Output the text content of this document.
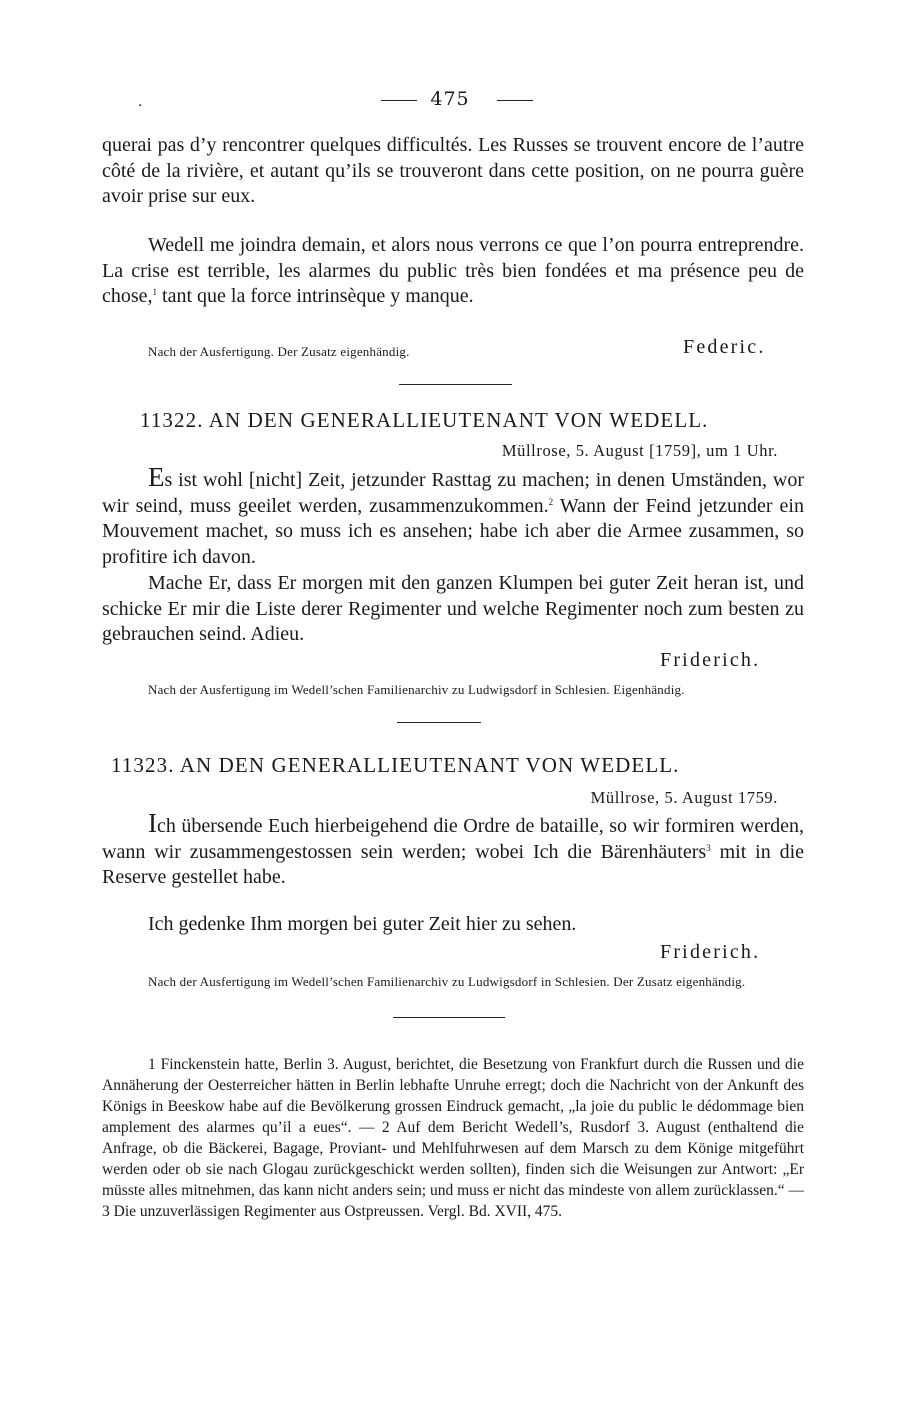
.	475
querai pas d’y rencontrer quelques difficultés. Les Russes se trouvent encore de l’autre côté de la rivière, et autant qu’ils se trouveront dans cette position, on ne pourra guère avoir prise sur eux.
Wedell me joindra demain, et alors nous verrons ce que l’on pourra entreprendre. La crise est terrible, les alarmes du public très bien fondées et ma présence peu de chose,$^1$ tant que la force intrinsèque y manque.
Nach der Ausfertigung. Der Zusatz eigenhändig.	Federic.
11322. AN DEN GENERALLIEUTENANT VON WEDELL.
Müllrose, 5. August [1759], um 1 Uhr.
Es ist wohl [nicht] Zeit, jetzunder Rasttag zu machen; in denen Umständen, wor wir seind, muss geeilet werden, zusammenzukommen.$^2$ Wann der Feind jetzunder ein Mouvement machet, so muss ich es ansehen; habe ich aber die Armee zusammen, so profitire ich davon.
Mache Er, dass Er morgen mit den ganzen Klumpen bei guter Zeit heran ist, und schicke Er mir die Liste derer Regimenter und welche Regimenter noch zum besten zu gebrauchen seind. Adieu.
Friderich.
Nach der Ausfertigung im Wedell’schen Familienarchiv zu Ludwigsdorf in Schlesien. Eigenhändig.
11323. AN DEN GENERALLIEUTENANT VON WEDELL.
Müllrose, 5. August 1759.
Ich übersende Euch hierbeigehend die Ordre de bataille, so wir formiren werden, wann wir zusammengestossen sein werden; wobei Ich die Bärenhäuters$^3$ mit in die Reserve gestellet habe.
Ich gedenke Ihm morgen bei guter Zeit hier zu sehen.
Friderich.
Nach der Ausfertigung im Wedell’schen Familienarchiv zu Ludwigsdorf in Schlesien. Der Zusatz eigenhändig.
1 Finckenstein hatte, Berlin 3. August, berichtet, die Besetzung von Frankfurt durch die Russen und die Annäherung der Oesterreicher hätten in Berlin lebhafte Unruhe erregt; doch die Nachricht von der Ankunft des Königs in Beeskow habe auf die Bevölkerung grossen Eindruck gemacht, „la joie du public le dédommage bien amplement des alarmes qu’il a eues“. — 2 Auf dem Bericht Wedell’s, Rusdorf 3. August (enthaltend die Anfrage, ob die Bäckerei, Bagage, Proviant- und Mehlfuhrwesen auf dem Marsch zu dem Könige mitgeführt werden oder ob sie nach Glogau zurückgeschickt werden sollten), finden sich die Weisungen zur Antwort: „Er müsste alles mitnehmen, das kann nicht anders sein; und muss er nicht das mindeste von allem zurücklassen.“ — 3 Die unzuverlässigen Regimenter aus Ostpreussen. Vergl. Bd. XVII, 475.
